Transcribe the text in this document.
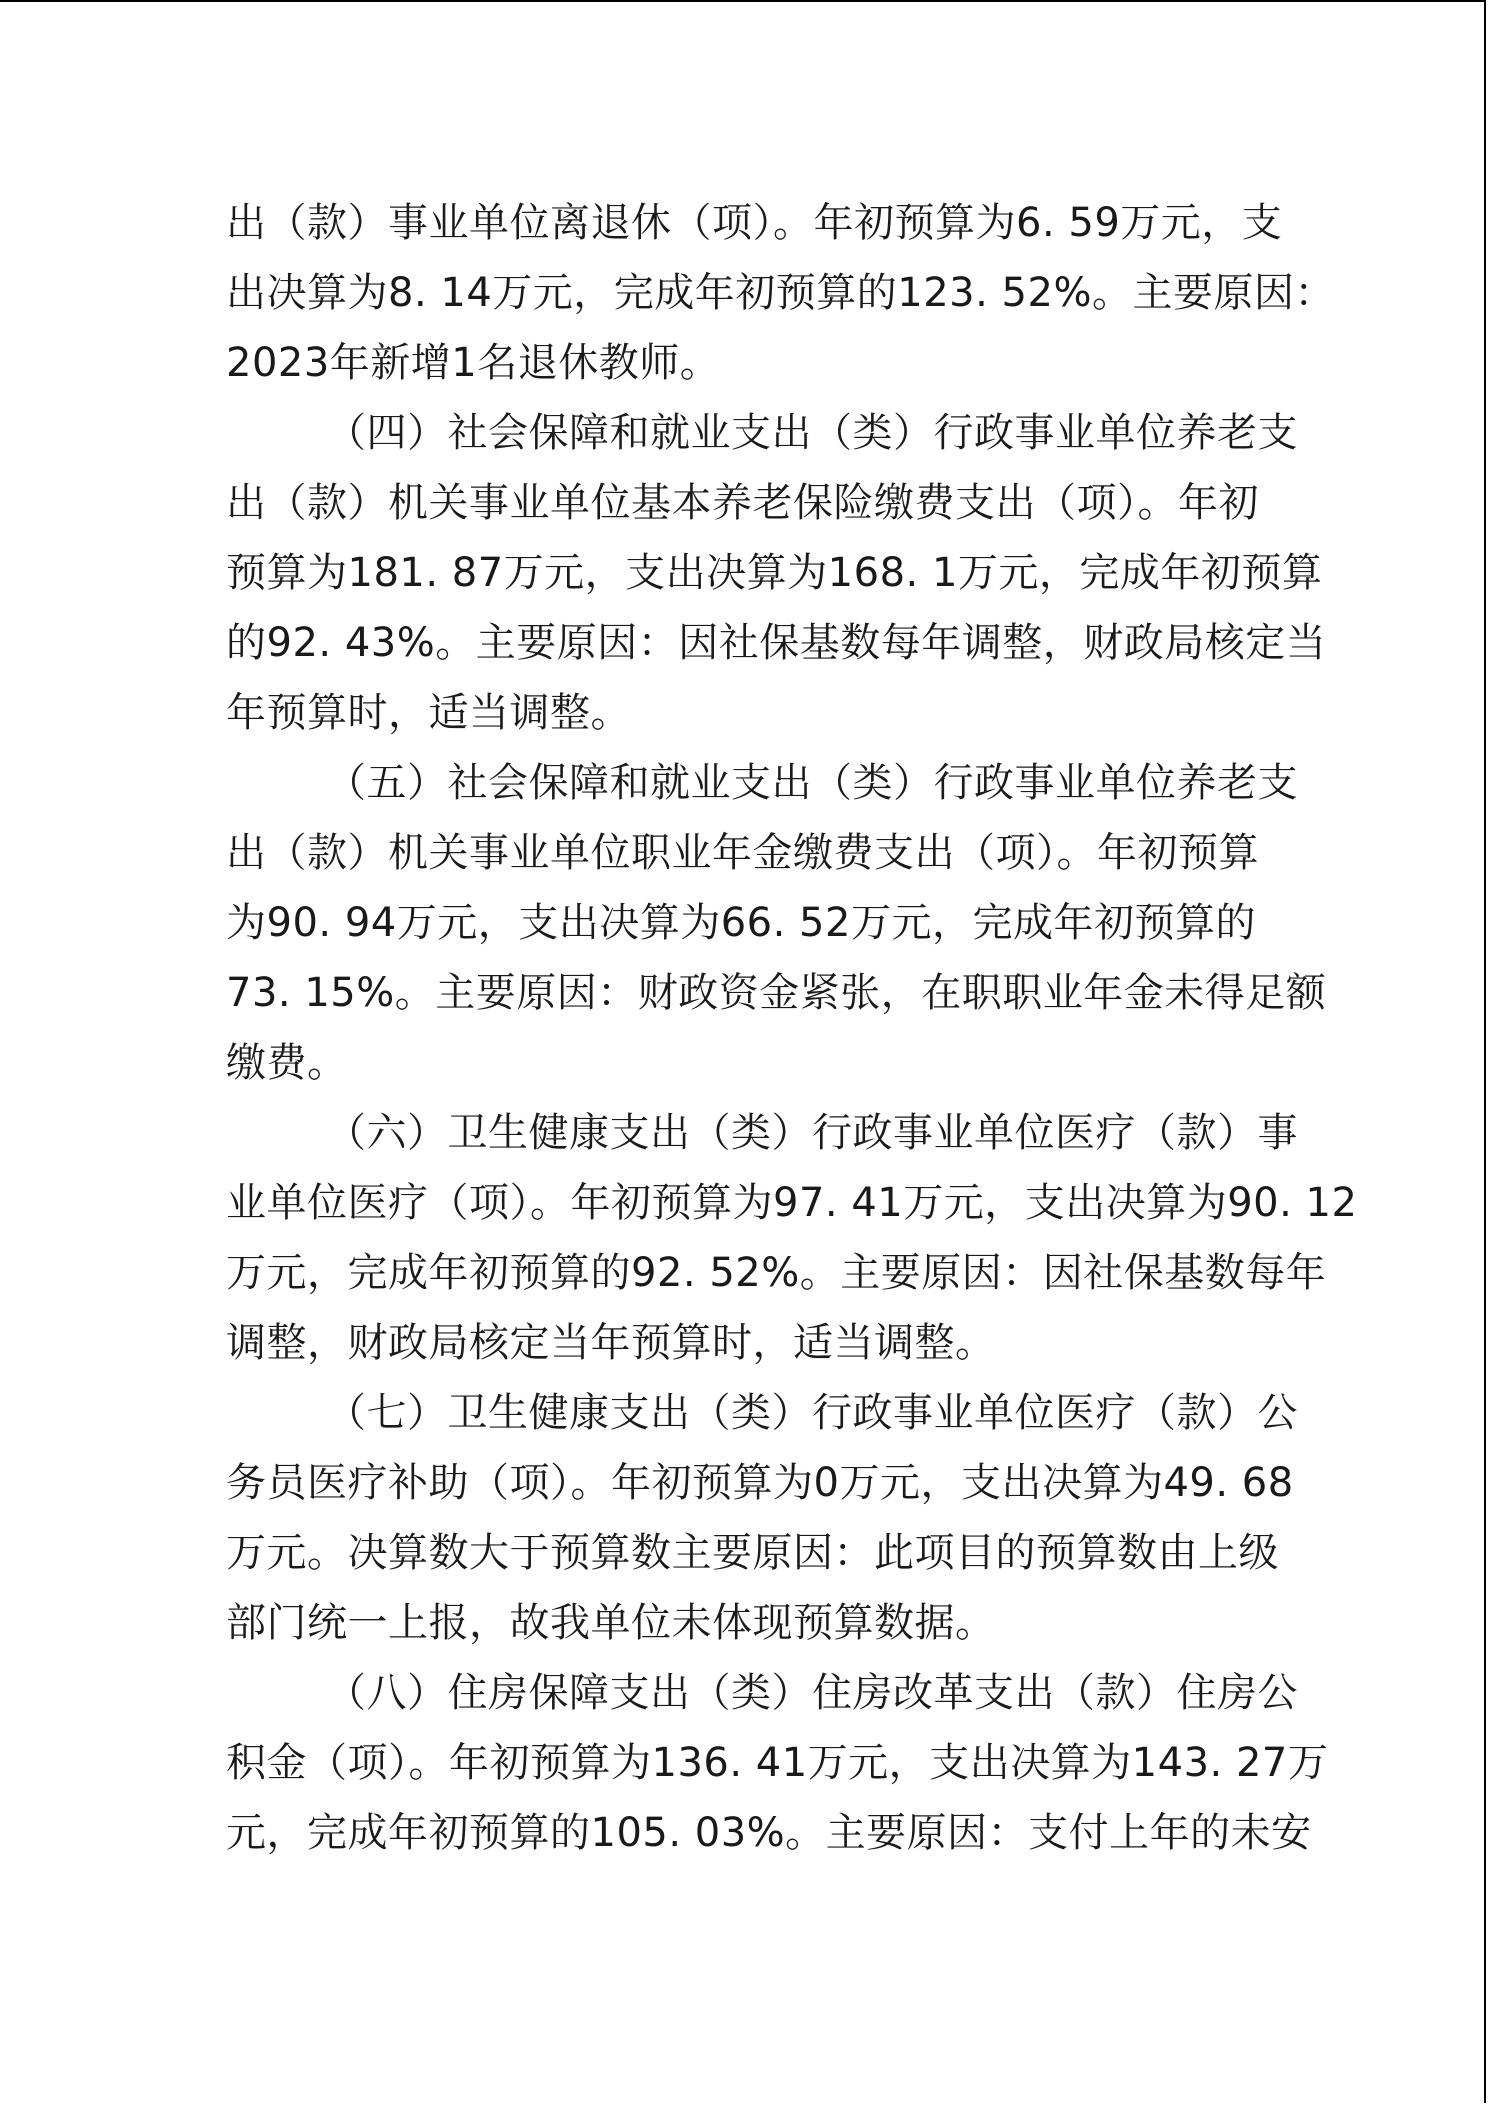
出（款）事业单位离退休（项）。年初预算为6. 59万元，支
出决算为8. 14万元，完成年初预算的123. 52%。主要原因：
2023年新增1名退休教师。

（四）社会保障和就业支出（类）行政事业单位养老支
出（款）机关事业单位基本养老保险缴费支出（项）。年初
预算为181. 87万元，支出决算为168. 1万元，完成年初预算
的92. 43%。主要原因：因社保基数每年调整，财政局核定当
年预算时，适当调整。

（五）社会保障和就业支出（类）行政事业单位养老支
出（款）机关事业单位职业年金缴费支出（项）。年初预算
为90. 94万元，支出决算为66. 52万元，完成年初预算的
73. 15%。主要原因：财政资金紧张，在职职业年金未得足额
缴费。

（六）卫生健康支出（类）行政事业单位医疗（款）事
业单位医疗（项）。年初预算为97. 41万元，支出决算为90. 12
万元，完成年初预算的92. 52%。主要原因：因社保基数每年
调整，财政局核定当年预算时，适当调整。

（七）卫生健康支出（类）行政事业单位医疗（款）公
务员医疗补助（项）。年初预算为0万元，支出决算为49. 68
万元。决算数大于预算数主要原因：此项目的预算数由上级
部门统一上报，故我单位未体现预算数据。

（八）住房保障支出（类）住房改革支出（款）住房公
积金（项）。年初预算为136. 41万元，支出决算为143. 27万
元，完成年初预算的105. 03%。主要原因：支付上年的未安
